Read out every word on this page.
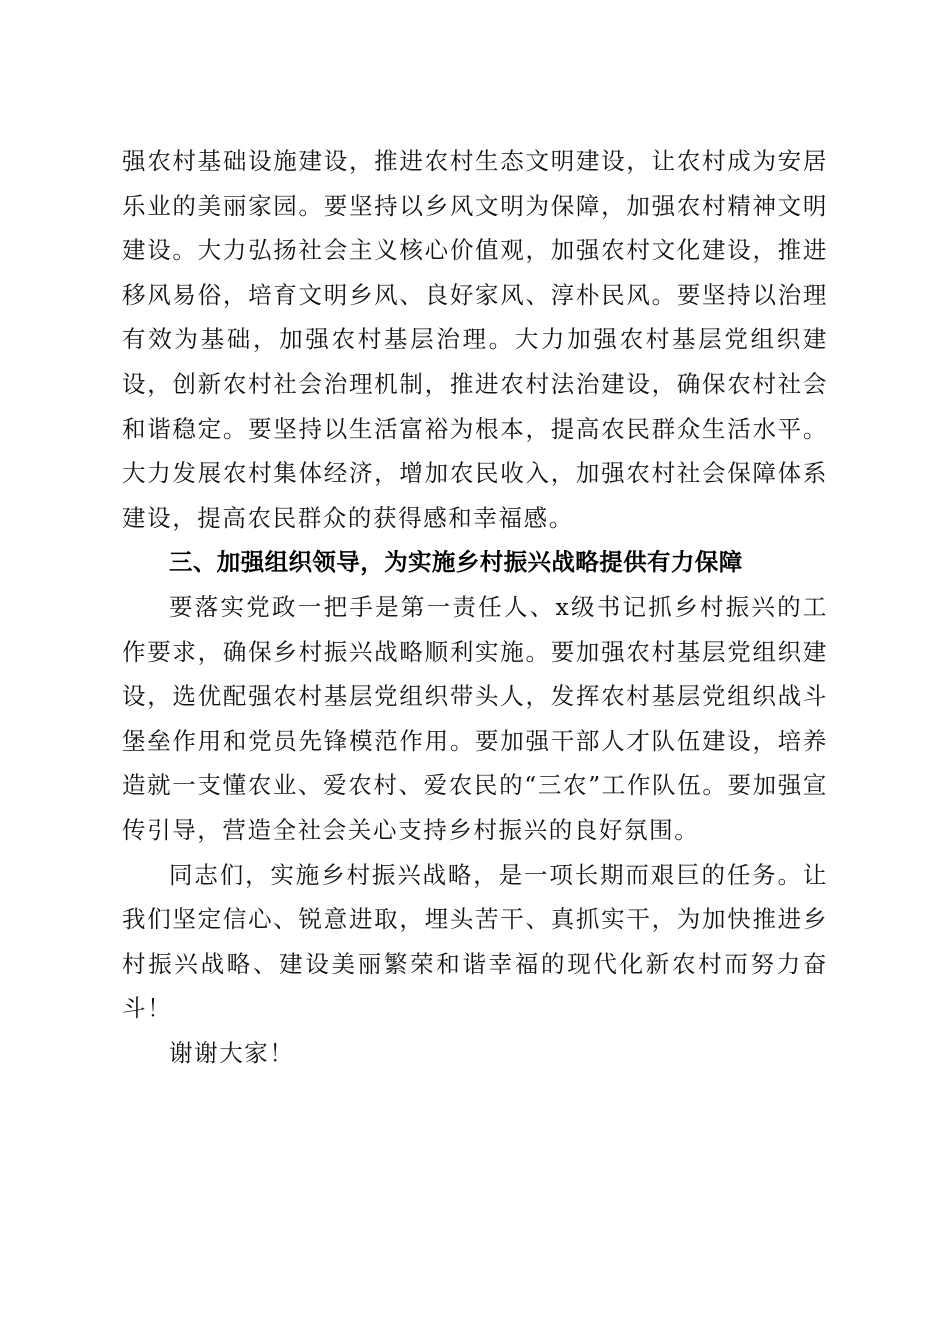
强农村基础设施建设，推进农村生态文明建设，让农村成为安居乐业的美丽家园。要坚持以乡风文明为保障，加强农村精神文明建设。大力弘扬社会主义核心价值观，加强农村文化建设，推进移风易俗，培育文明乡风、良好家风、淳朴民风。要坚持以治理有效为基础，加强农村基层治理。大力加强农村基层党组织建设，创新农村社会治理机制，推进农村法治建设，确保农村社会和谐稳定。要坚持以生活富裕为根本，提高农民群众生活水平。大力发展农村集体经济，增加农民收入，加强农村社会保障体系建设，提高农民群众的获得感和幸福感。

三、加强组织领导，为实施乡村振兴战略提供有力保障

要落实党政一把手是第一责任人、x级书记抓乡村振兴的工作要求，确保乡村振兴战略顺利实施。要加强农村基层党组织建设，选优配强农村基层党组织带头人，发挥农村基层党组织战斗堡垒作用和党员先锋模范作用。要加强干部人才队伍建设，培养造就一支懂农业、爱农村、爱农民的“三农”工作队伍。要加强宣传引导，营造全社会关心支持乡村振兴的良好氛围。

同志们，实施乡村振兴战略，是一项长期而艰巨的任务。让我们坚定信心、锐意进取，埋头苦干、真抓实干，为加快推进乡村振兴战略、建设美丽繁荣和谐幸福的现代化新农村而努力奋斗！

谢谢大家！
